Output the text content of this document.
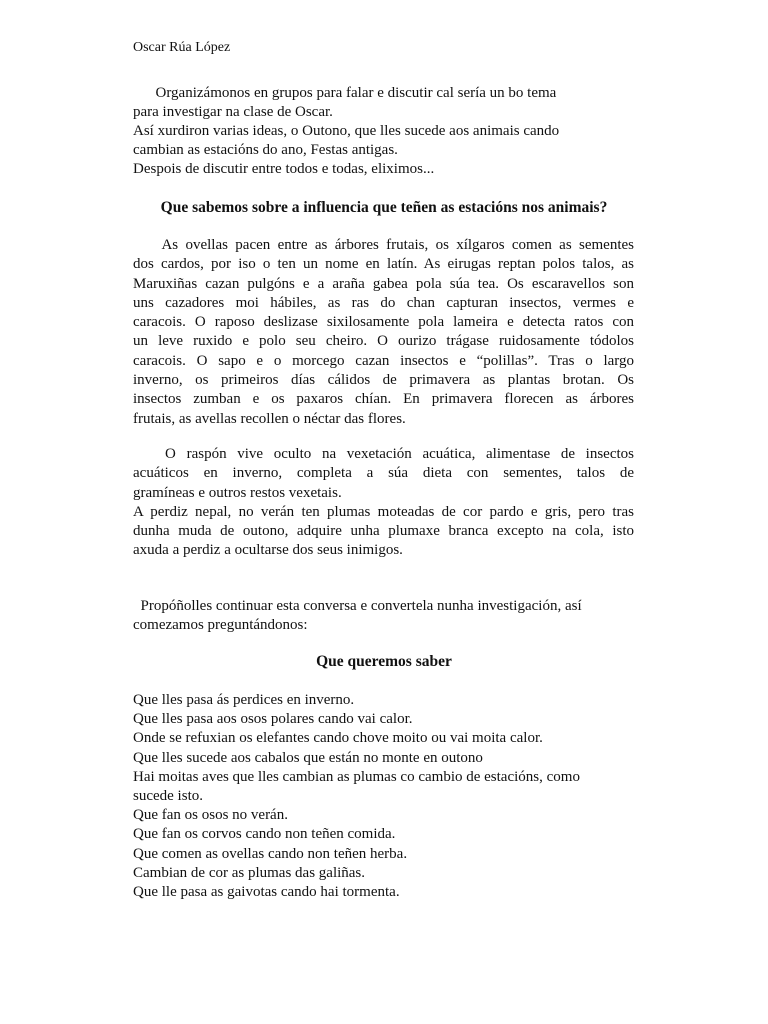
Oscar Rúa López

Organizámonos en grupos para falar e discutir cal sería un bo tema
para investigar na clase de Oscar.
Así xurdiron varias ideas, o Outono, que lles sucede aos animais cando
cambian as estacións do ano, Festas antigas.
Despois de discutir entre todos e todas, eliximos...
Que sabemos sobre a influencia que teñen as estacións nos animais?
As ovellas pacen entre as árbores frutais, os xílgaros comen as sementes
dos cardos, por iso o ten un nome en latín. As eirugas reptan polos talos, as
Maruxiñas cazan pulgóns e a araña gabea pola súa tea. Os escaravellos son
uns cazadores moi hábiles, as ras do chan capturan insectos, vermes e
caracois. O raposo deslizase sixilosamente pola lameira e detecta ratos con
un leve ruxido e polo seu cheiro. O ourizo trágase ruidosamente tódolos
caracois. O sapo e o morcego cazan insectos e “polillas”. Tras o largo
inverno, os primeiros días cálidos de primavera as plantas brotan. Os
insectos zumban e os paxaros chían. En primavera florecen as árbores
frutais, as avellas recollen o néctar das flores.
O raspón vive oculto na vexetación acuática, alimentase de insectos
acuáticos en inverno, completa a súa dieta con sementes, talos de
gramíneas e outros restos vexetais.
A perdiz nepal, no verán ten plumas moteadas de cor pardo e gris, pero tras
dunha muda de outono, adquire unha plumaxe branca excepto na cola, isto
axuda a perdiz a ocultarse dos seus inimigos.
Propóñolles continuar esta conversa e convertela nunha investigación, así
comezamos preguntándonos:
Que queremos saber
Que lles pasa ás perdices en inverno.
Que lles pasa aos osos polares cando vai calor.
Onde se refuxian os elefantes cando chove moito ou vai moita calor.
Que lles sucede aos cabalos que están no monte en outono
Hai moitas aves que lles cambian as plumas co cambio de estacións, como
sucede isto.
Que fan os osos no verán.
Que fan os corvos cando non teñen comida.
Que comen as ovellas cando non teñen herba.
Cambian de cor as plumas das galiñas.
Que lle pasa as gaivotas cando hai tormenta.
